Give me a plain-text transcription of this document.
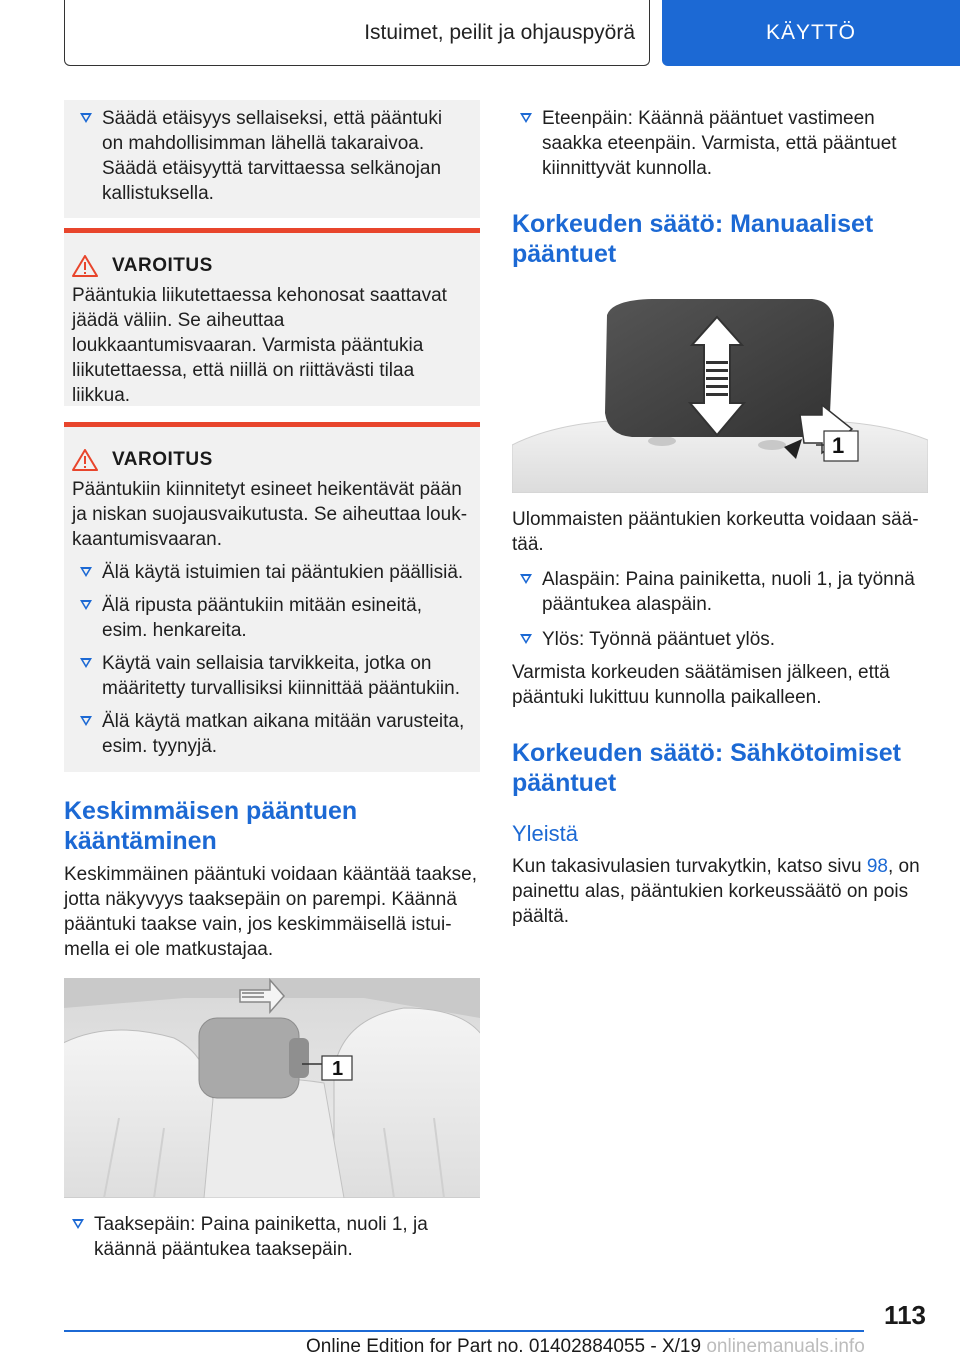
Istuimet, peilit ja ohjauspyörä	KÄYTTÖ
Säädä etäisyys sellaiseksi, että pääntuki on mahdollisimman lähellä takaraivoa. Säädä etäisyyttä tarvittaessa selkänojan kallistuksella.
VAROITUS
Pääntukia liikutettaessa kehonosat saattavat jäädä väliin. Se aiheuttaa loukkaantumisvaaran. Varmista pääntukia liikutettaessa, että niillä on riittävästi tilaa liikkua.
VAROITUS
Pääntukiin kiinnitetyt esineet heikentävät pään ja niskan suojausvaikutusta. Se aiheuttaa loukkaantumisvaaran.
Älä käytä istuimien tai pääntukien päällisiä.
Älä ripusta pääntukiin mitään esineitä, esim. henkareita.
Käytä vain sellaisia tarvikkeita, jotka on määritetty turvallisiksi kiinnittää pääntukiin.
Älä käytä matkan aikana mitään varusteita, esim. tyynyjä.
Keskimmäisen pääntuen kääntäminen
Keskimmäinen pääntuki voidaan kääntää taakse, jotta näkyvyys taaksepäin on parempi. Käännä pääntuki taakse vain, jos keskimmäisellä istuimella ei ole matkustajaa.
1
Taaksepäin: Paina painiketta, nuoli 1, ja käännä pääntukea taaksepäin.
Eteenpäin: Käännä pääntuet vastimeen saakka eteenpäin. Varmista, että pääntuet kiinnittyvät kunnolla.
Korkeuden säätö: Manuaaliset pääntuet
1
Ulommaisten pääntukien korkeutta voidaan säätää.
Alaspäin: Paina painiketta, nuoli 1, ja työnnä pääntukea alaspäin.
Ylös: Työnnä pääntuet ylös.
Varmista korkeuden säätämisen jälkeen, että pääntuki lukittuu kunnolla paikalleen.
Korkeuden säätö: Sähkötoimiset pääntuet
Yleistä
Kun takasivulasien turvakytkin, katso sivu 98, on painettu alas, pääntukien korkeussäätö on pois päältä.
113
Online Edition for Part no. 01402884055 - X/19 onlinemanuals.info
